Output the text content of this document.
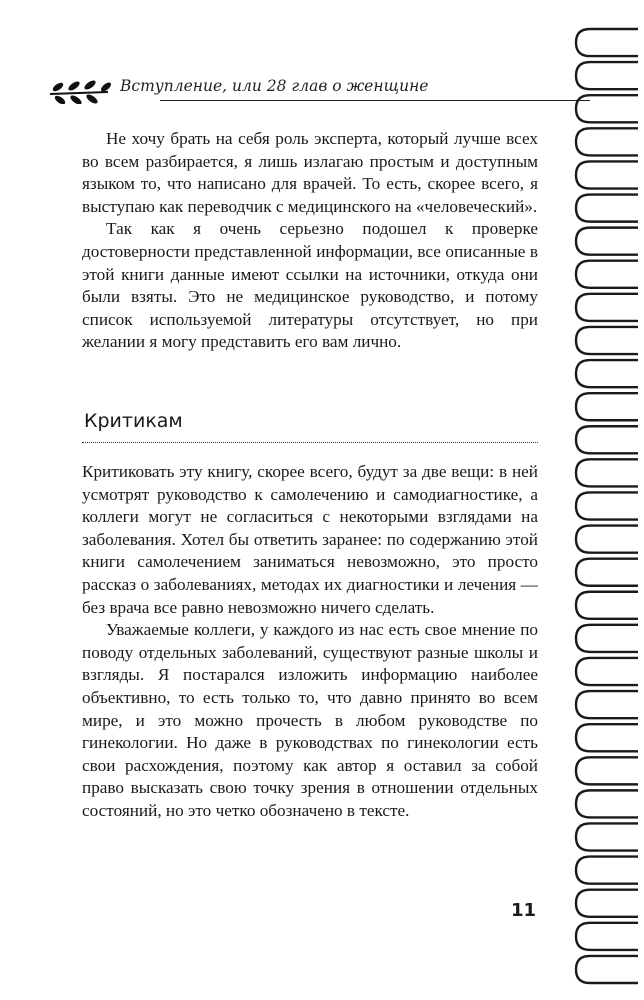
Вступление, или 28 глав о женщине

Не хочу брать на себя роль эксперта, который лучше всех во всем разбирается, я лишь излагаю простым и доступным языком то, что написано для врачей. То есть, скорее всего, я выступаю как переводчик с медицинского на «человеческий».

Так как я очень серьезно подошел к проверке достоверности представленной информации, все описанные в этой книги данные имеют ссылки на источники, откуда они были взяты. Это не медицинское руководство, и потому список используемой литературы отсутствует, но при желании я могу представить его вам лично.

Критикам

Критиковать эту книгу, скорее всего, будут за две вещи: в ней усмотрят руководство к самолечению и самодиагностике, а коллеги могут не согласиться с некоторыми взглядами на заболевания. Хотел бы ответить заранее: по содержанию этой книги самолечением заниматься невозможно, это просто рассказ о заболеваниях, методах их диагностики и лечения — без врача все равно невозможно ничего сделать.

Уважаемые коллеги, у каждого из нас есть свое мнение по поводу отдельных заболеваний, существуют разные школы и взгляды. Я постарался изложить информацию наиболее объективно, то есть только то, что давно принято во всем мире, и это можно прочесть в любом руководстве по гинекологии. Но даже в руководствах по гинекологии есть свои расхождения, поэтому как автор я оставил за собой право высказать свою точку зрения в отношении отдельных состояний, но это четко обозначено в тексте.

11
